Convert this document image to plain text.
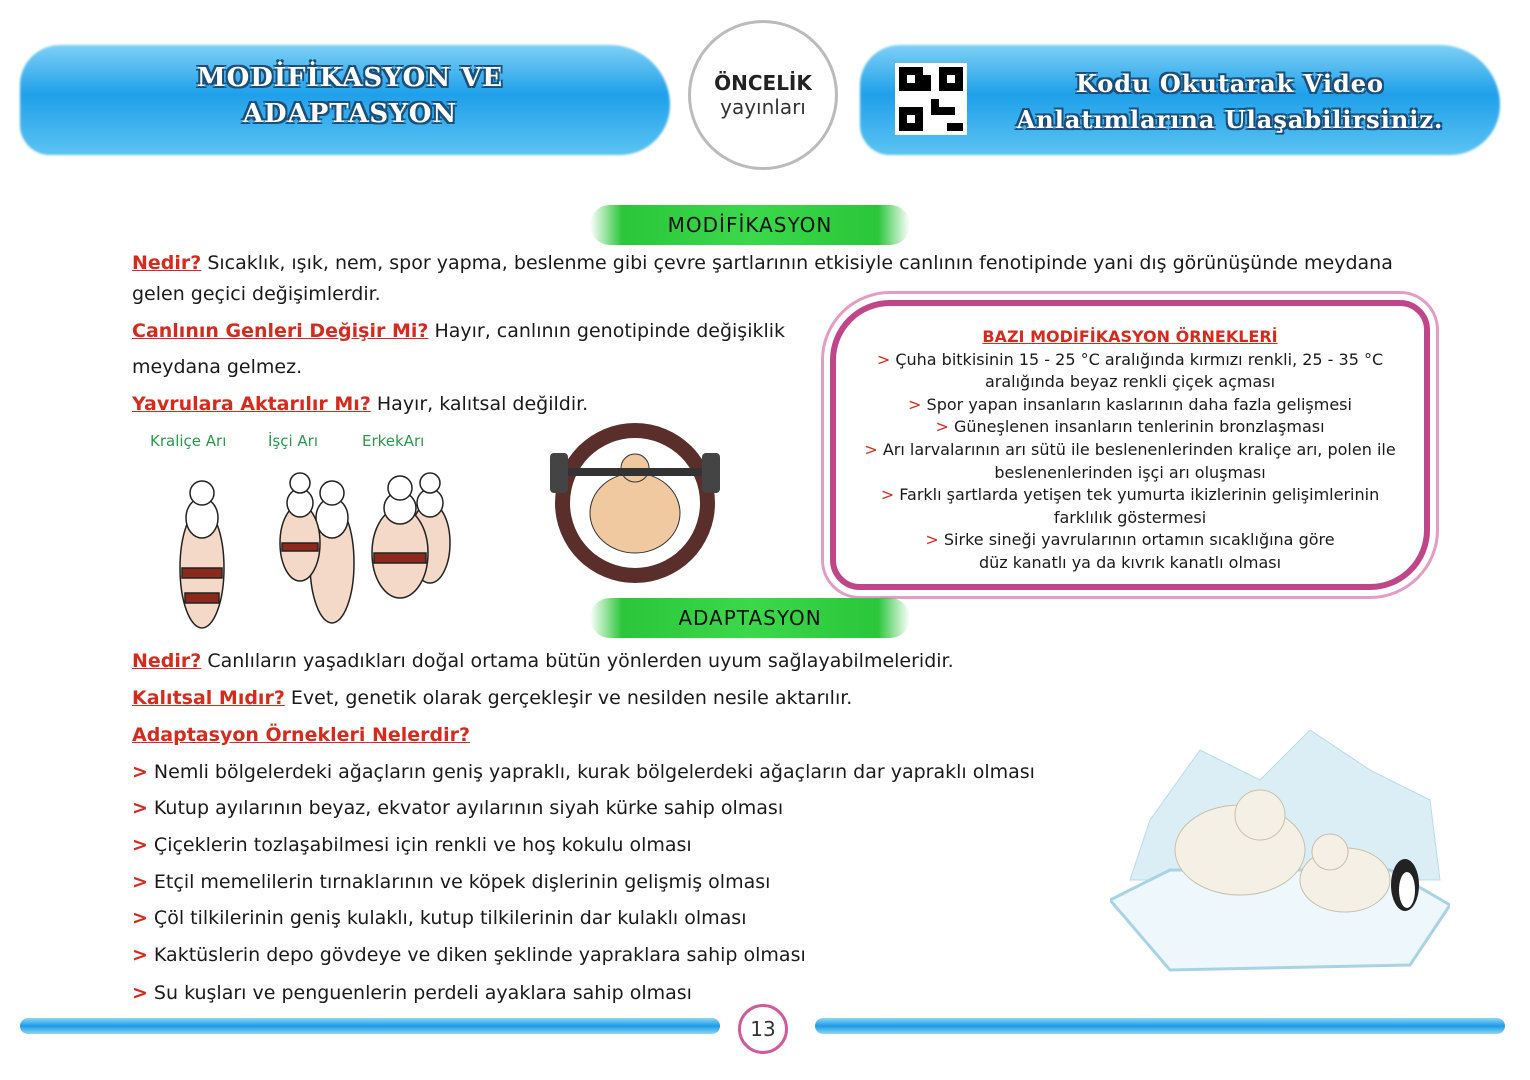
MODİFİKASYON VE
ADAPTASYON
ÖNCELİK
yayınları
Kodu Okutarak Video
Anlatımlarına Ulaşabilirsiniz.
MODİFİKASYON
Nedir? Sıcaklık, ışık, nem, spor yapma, beslenme gibi çevre şartlarının etkisiyle canlının fenotipinde yani dış görünüşünde meydana
gelen geçici değişimlerdir.
Canlının Genleri Değişir Mi? Hayır, canlının genotipinde değişiklik
meydana gelmez.
Yavrulara Aktarılır Mı? Hayır, kalıtsal değildir.
Kraliçe Arı	İşçi Arı	ErkekArı
BAZI MODİFİKASYON ÖRNEKLERİ
> Çuha bitkisinin 15 - 25 °C aralığında kırmızı renkli, 25 - 35 °C
aralığında beyaz renkli çiçek açması
> Spor yapan insanların kaslarının daha fazla gelişmesi
> Güneşlenen insanların tenlerinin bronzlaşması
> Arı larvalarının arı sütü ile beslenenlerinden kraliçe arı, polen ile
beslenenlerinden işçi arı oluşması
> Farklı şartlarda yetişen tek yumurta ikizlerinin gelişimlerinin
farklılık göstermesi
> Sirke sineği yavrularının ortamın sıcaklığına göre
düz kanatlı ya da kıvrık kanatlı olması
ADAPTASYON
Nedir? Canlıların yaşadıkları doğal ortama bütün yönlerden uyum sağlayabilmeleridir.
Kalıtsal Mıdır? Evet, genetik olarak gerçekleşir ve nesilden nesile aktarılır.
Adaptasyon Örnekleri Nelerdir?
> Nemli bölgelerdeki ağaçların geniş yapraklı, kurak bölgelerdeki ağaçların dar yapraklı olması
> Kutup ayılarının beyaz, ekvator ayılarının siyah kürke sahip olması
> Çiçeklerin tozlaşabilmesi için renkli ve hoş kokulu olması
> Etçil memelilerin tırnaklarının ve köpek dişlerinin gelişmiş olması
> Çöl tilkilerinin geniş kulaklı, kutup tilkilerinin dar kulaklı olması
> Kaktüslerin depo gövdeye ve diken şeklinde yapraklara sahip olması
> Su kuşları ve penguenlerin perdeli ayaklara sahip olması
13
